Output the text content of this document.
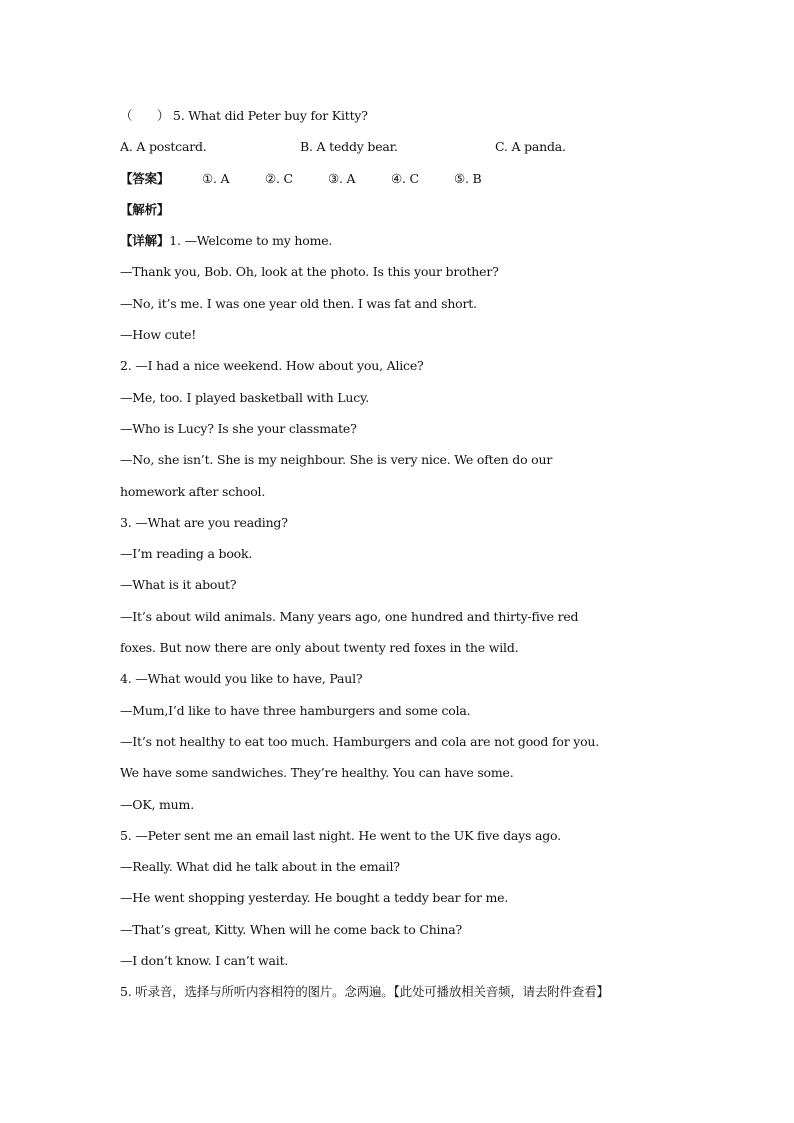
（　　） 5. What did Peter buy for Kitty?
A. A postcard.	B. A teddy bear.	C. A panda.
【答案】	①. A	②. C	③. A	④. C	⑤. B
【解析】
【详解】1. —Welcome to my home.
—Thank you, Bob. Oh, look at the photo. Is this your brother?
—No, it’s me. I was one year old then. I was fat and short.
—How cute!
2. —I had a nice weekend. How about you, Alice?
—Me, too. I played basketball with Lucy.
—Who is Lucy? Is she your classmate?
—No, she isn’t. She is my neighbour. She is very nice. We often do our
homework after school.
3. —What are you reading?
—I’m reading a book.
—What is it about?
—It’s about wild animals. Many years ago, one hundred and thirty-five red
foxes. But now there are only about twenty red foxes in the wild.
4. —What would you like to have, Paul?
—Mum,I’d like to have three hamburgers and some cola.
—It’s not healthy to eat too much. Hamburgers and cola are not good for you.
We have some sandwiches. They’re healthy. You can have some.
—OK, mum.
5. —Peter sent me an email last night. He went to the UK five days ago.
—Really. What did he talk about in the email?
—He went shopping yesterday. He bought a teddy bear for me.
—That’s great, Kitty. When will he come back to China?
—I don’t know. I can’t wait.
5. 听录音，选择与所听内容相符的图片。念两遍。【此处可播放相关音频，请去附件查看】
